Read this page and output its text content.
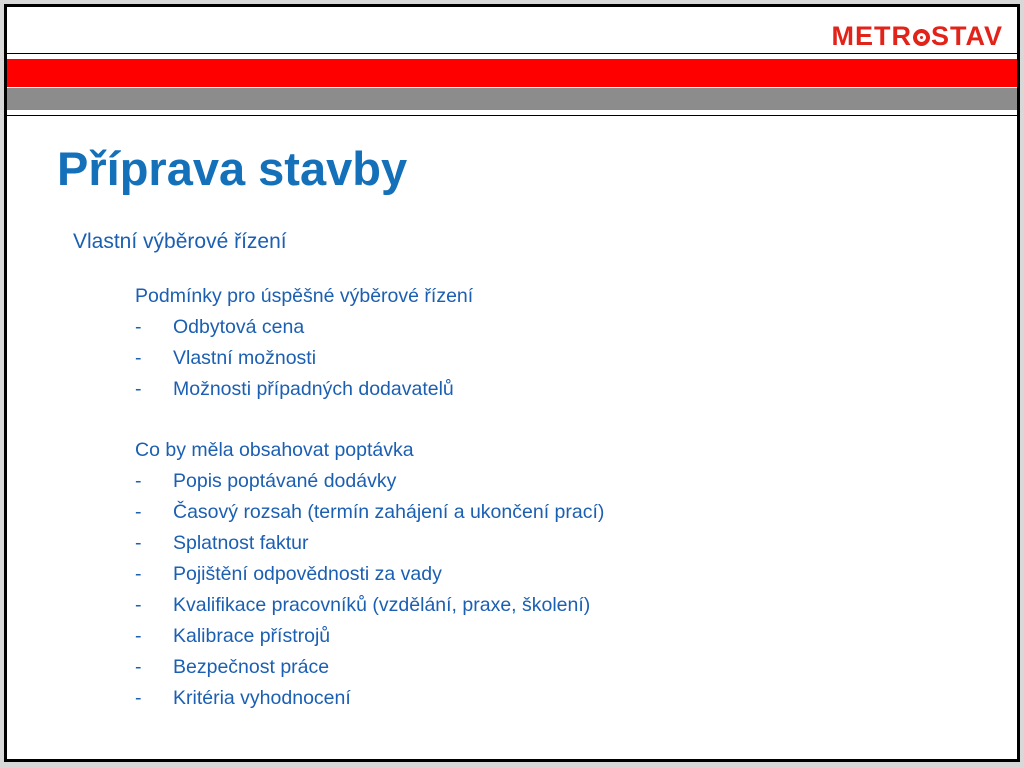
METR STAV
Příprava stavby
Vlastní výběrové řízení
Podmínky pro úspěšné výběrové řízení
-	Odbytová cena
-	Vlastní možnosti
-	Možnosti případných dodavatelů
Co by měla obsahovat poptávka
-	Popis poptávané dodávky
-	Časový rozsah (termín zahájení a ukončení prací)
-	Splatnost faktur
-	Pojištění odpovědnosti za vady
-	Kvalifikace pracovníků (vzdělání, praxe, školení)
-	Kalibrace přístrojů
-	Bezpečnost práce
-	Kritéria vyhodnocení
